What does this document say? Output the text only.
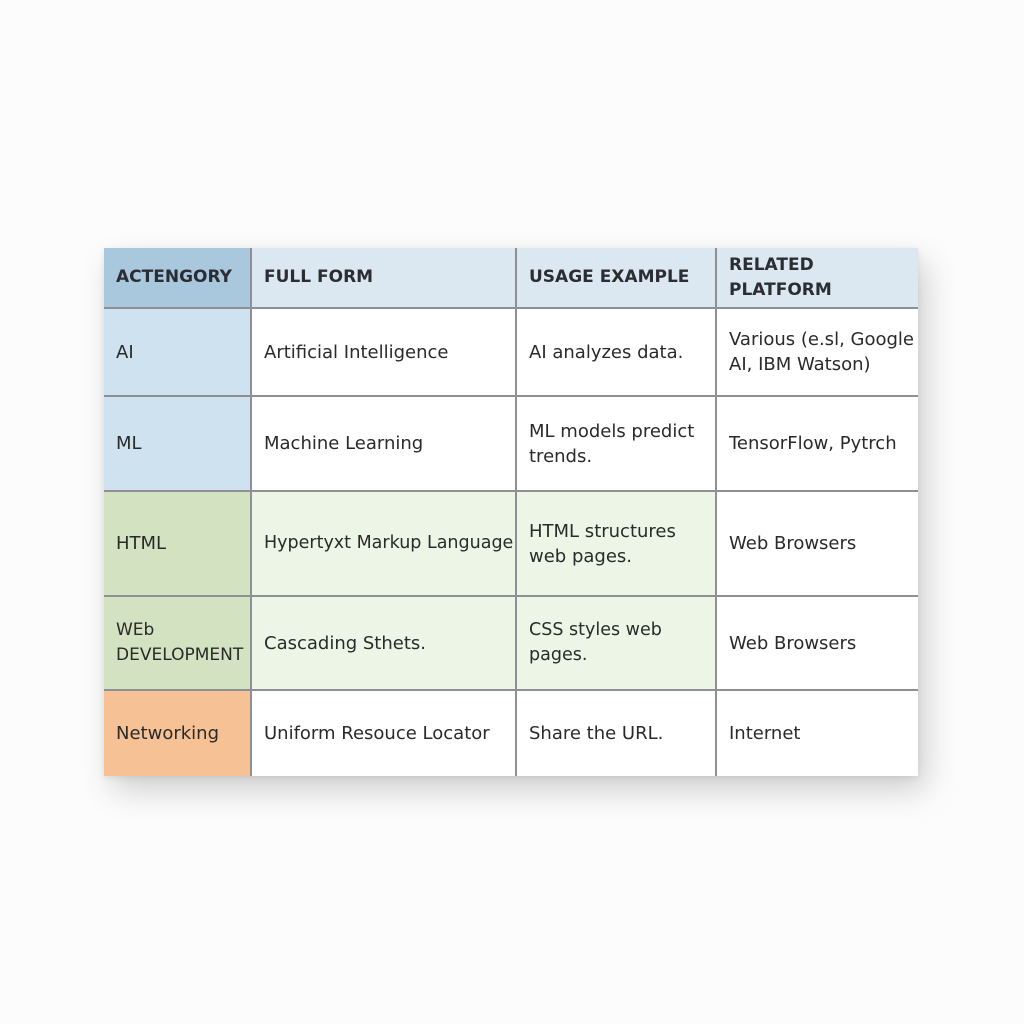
ACTENGORY	FULL FORM	USAGE EXAMPLE	RELATED PLATFORM
AI	Artificial Intelligence	AI analyzes data.	Various (e.sl, Google AI, IBM Watson)
ML	Machine Learning	ML models predict trends.	TensorFlow, Pytrch
HTML	Hypertyxt Markup Language	HTML structures web pages.	Web Browsers
WEb DEVELOPMENT	Cascading Sthets.	CSS styles web pages.	Web Browsers
Networking	Uniform Resouce Locator	Share the URL.	Internet
